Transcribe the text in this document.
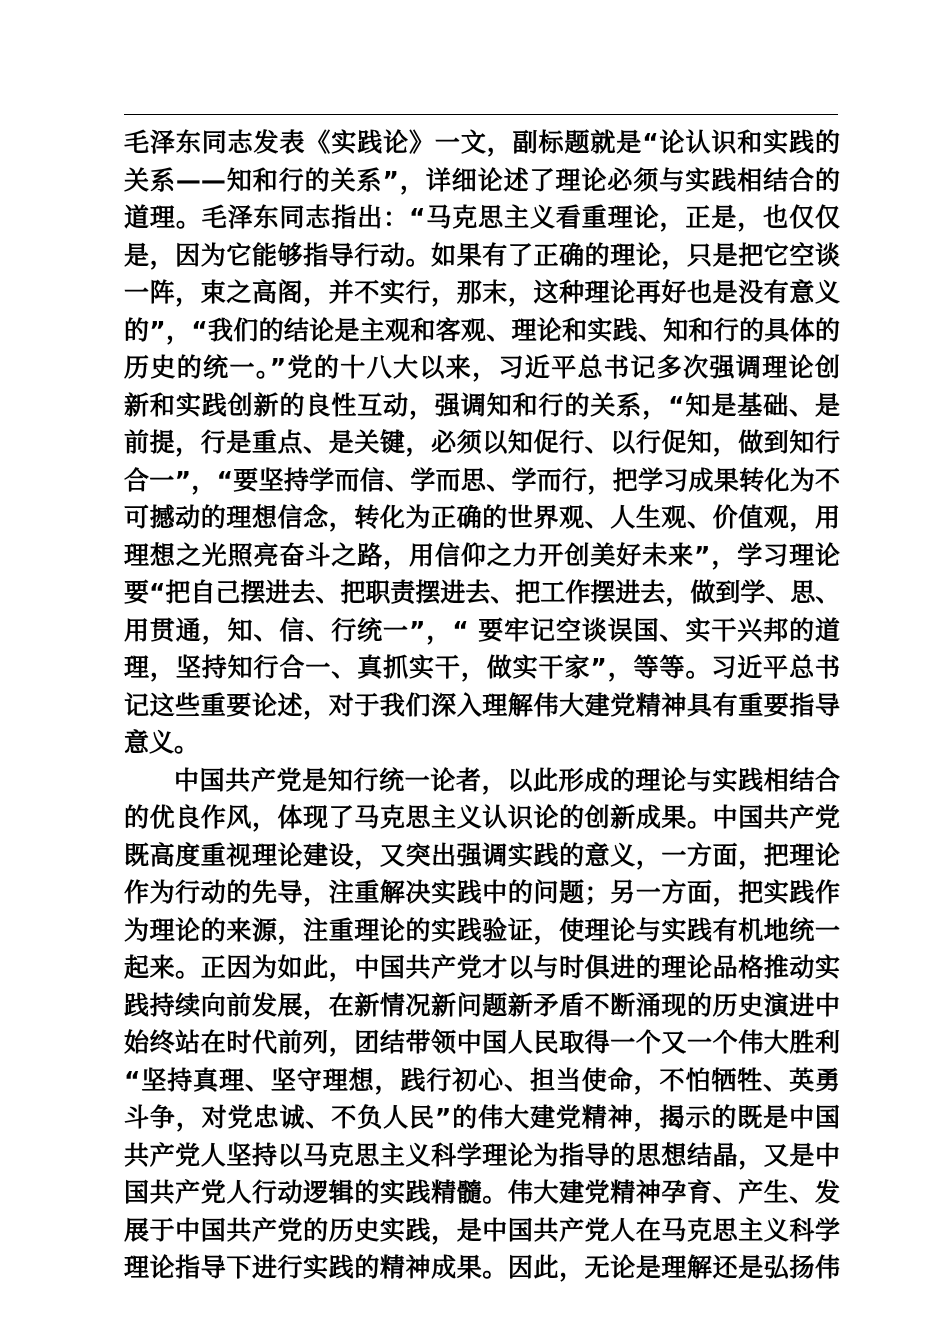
毛泽东同志发表《实践论》一文，副标题就是“论认识和实践的
关系——知和行的关系”，详细论述了理论必须与实践相结合的
道理。毛泽东同志指出：“马克思主义看重理论，正是，也仅仅
是，因为它能够指导行动。如果有了正确的理论，只是把它空谈
一阵，束之高阁，并不实行，那末，这种理论再好也是没有意义
的”，“我们的结论是主观和客观、理论和实践、知和行的具体的
历史的统一。”党的十八大以来，习近平总书记多次强调理论创
新和实践创新的良性互动，强调知和行的关系，“知是基础、是
前提，行是重点、是关键，必须以知促行、以行促知，做到知行
合一”，“要坚持学而信、学而思、学而行，把学习成果转化为不
可撼动的理想信念，转化为正确的世界观、人生观、价值观，用
理想之光照亮奋斗之路，用信仰之力开创美好未来”，学习理论
要“把自己摆进去、把职责摆进去、把工作摆进去，做到学、思、
用贯通，知、信、行统一”，“ 要牢记空谈误国、实干兴邦的道
理，坚持知行合一、真抓实干，做实干家”，等等。习近平总书
记这些重要论述，对于我们深入理解伟大建党精神具有重要指导
意义。
中国共产党是知行统一论者，以此形成的理论与实践相结合
的优良作风，体现了马克思主义认识论的创新成果。中国共产党
既高度重视理论建设，又突出强调实践的意义，一方面，把理论
作为行动的先导，注重解决实践中的问题；另一方面，把实践作
为理论的来源，注重理论的实践验证，使理论与实践有机地统一
起来。正因为如此，中国共产党才以与时俱进的理论品格推动实
践持续向前发展，在新情况新问题新矛盾不断涌现的历史演进中
始终站在时代前列，团结带领中国人民取得一个又一个伟大胜利
“坚持真理、坚守理想，践行初心、担当使命，不怕牺牲、英勇
斗争，对党忠诚、不负人民”的伟大建党精神，揭示的既是中国
共产党人坚持以马克思主义科学理论为指导的思想结晶，又是中
国共产党人行动逻辑的实践精髓。伟大建党精神孕育、产生、发
展于中国共产党的历史实践，是中国共产党人在马克思主义科学
理论指导下进行实践的精神成果。因此，无论是理解还是弘扬伟
